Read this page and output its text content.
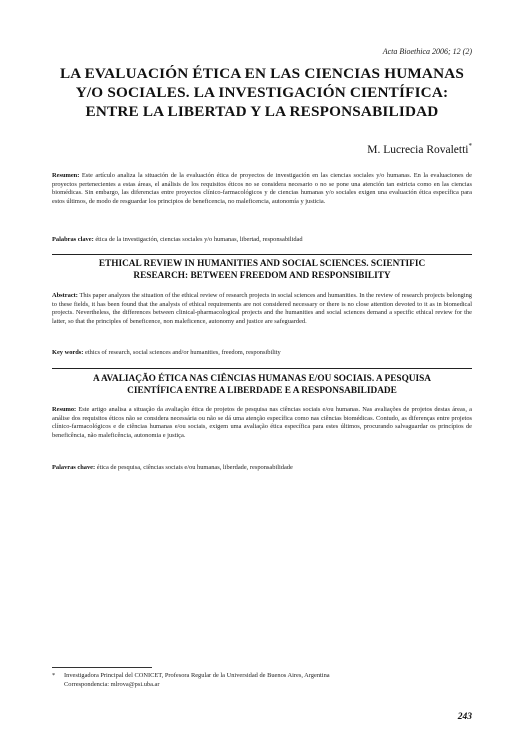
Acta Bioethica 2006; 12 (2)
LA EVALUACIÓN ÉTICA EN LAS CIENCIAS HUMANAS
Y/O SOCIALES. LA INVESTIGACIÓN CIENTÍFICA:
ENTRE LA LIBERTAD Y LA RESPONSABILIDAD
M. Lucrecia Rovaletti*
Resumen: Este artículo analiza la situación de la evaluación ética de proyectos de investigación en las ciencias sociales y/o humanas. En la evaluaciones de proyectos pertenecientes a estas áreas, el análisis de los requisitos éticos no se considera necesario o no se pone una atención tan estricta como en las ciencias biomédicas. Sin embargo, las diferencias entre proyectos clínico-farmacológicos y de ciencias humanas y/o sociales exigen una evaluación ética específica para estos últimos, de modo de resguardar los principios de beneficencia, no maleficencia, autonomía y justicia.
Palabras clave: ética de la investigación, ciencias sociales y/o humanas, libertad, responsabilidad
ETHICAL REVIEW IN HUMANITIES AND SOCIAL SCIENCES. SCIENTIFIC
RESEARCH: BETWEEN FREEDOM AND RESPONSIBILITY
Abstract: This paper analyzes the situation of the ethical review of research projects in social sciences and humanities. In the review of research projects belonging to these fields, it has been found that the analysis of ethical requirements are not considered necessary or there is no close attention devoted to it as in biomedical projects. Nevertheless, the differences between clinical-pharmacological projects and the humanities and social sciences demand a specific ethical review for the latter, so that the principles of beneficence, non maleficence, autonomy and justice are safeguarded.
Key words: ethics of research, social sciences and/or humanities, freedom, responsibility
A AVALIAÇÃO ÉTICA NAS CIÊNCIAS HUMANAS E/OU SOCIAIS. A PESQUISA
CIENTÍFICA ENTRE A LIBERDADE E A RESPONSABILIDADE
Resumo: Este artigo analisa a situação da avaliação ética de projetos de pesquisa nas ciências sociais e/ou humanas. Nas avaliações de projetos destas áreas, a análise dos requisitos éticos não se considera necessária ou não se dá uma atenção específica como nas ciências biomédicas. Contudo, as diferenças entre projetos clínico-farmacológicos e de ciências humanas e/ou sociais, exigem uma avaliação ética específica para estes últimos, procurando salvaguardar os princípios de beneficência, não maleficência, autonomia e justiça.
Palavras chave: ética de pesquisa, ciências sociais e/ou humanas, liberdade, responsabilidade
*	Investigadora Principal del CONICET, Profesora Regular de la Universidad de Buenos Aires, Argentina
Correspondencia: mlrova@psi.uba.ar
243
